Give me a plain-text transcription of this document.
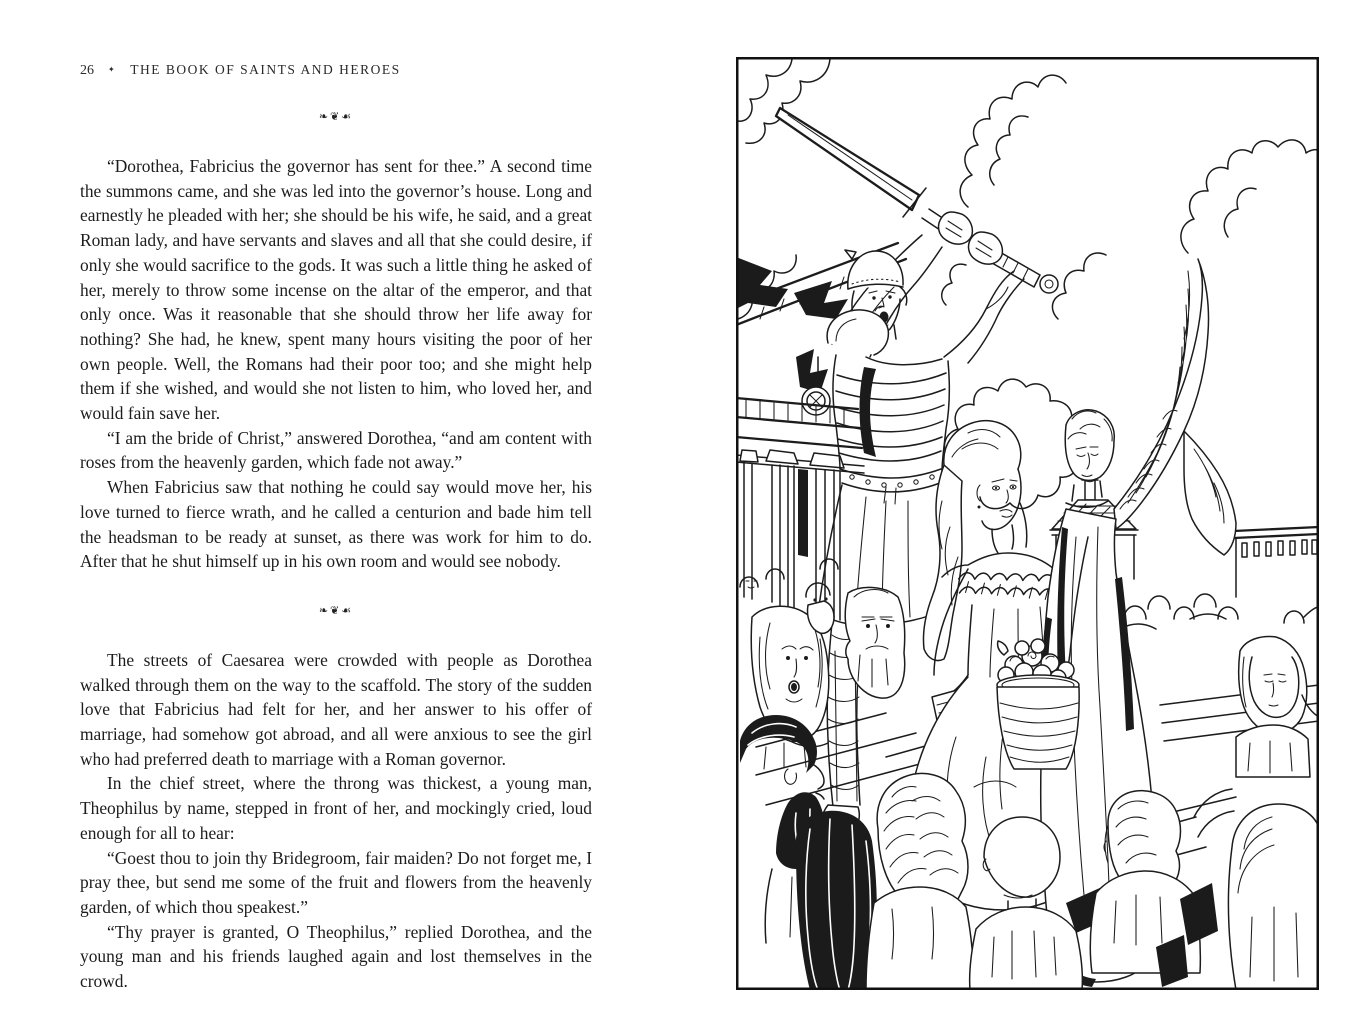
26 ✦ THE BOOK OF SAINTS AND HEROES
❧❦☙

“Dorothea, Fabricius the governor has sent for thee.” A second time the summons came, and she was led into the governor’s house. Long and earnestly he pleaded with her; she should be his wife, he said, and a great Roman lady, and have servants and slaves and all that she could desire, if only she would sacrifice to the gods. It was such a little thing he asked of her, merely to throw some incense on the altar of the emperor, and that only once. Was it reasonable that she should throw her life away for nothing? She had, he knew, spent many hours visiting the poor of her own people. Well, the Romans had their poor too; and she might help them if she wished, and would she not listen to him, who loved her, and would fain save her.

“I am the bride of Christ,” answered Dorothea, “and am content with roses from the heavenly garden, which fade not away.”

When Fabricius saw that nothing he could say would move her, his love turned to fierce wrath, and he called a centurion and bade him tell the headsman to be ready at sunset, as there was work for him to do. After that he shut himself up in his own room and would see nobody.

❧❦☙

The streets of Caesarea were crowded with people as Dorothea walked through them on the way to the scaffold. The story of the sudden love that Fabricius had felt for her, and her answer to his offer of marriage, had somehow got abroad, and all were anxious to see the girl who had preferred death to marriage with a Roman governor.

In the chief street, where the throng was thickest, a young man, Theophilus by name, stepped in front of her, and mockingly cried, loud enough for all to hear:

“Goest thou to join thy Bridegroom, fair maiden? Do not forget me, I pray thee, but send me some of the fruit and flowers from the heavenly garden, of which thou speakest.”

“Thy prayer is granted, O Theophilus,” replied Dorothea, and the young man and his friends laughed again and lost themselves in the crowd.
